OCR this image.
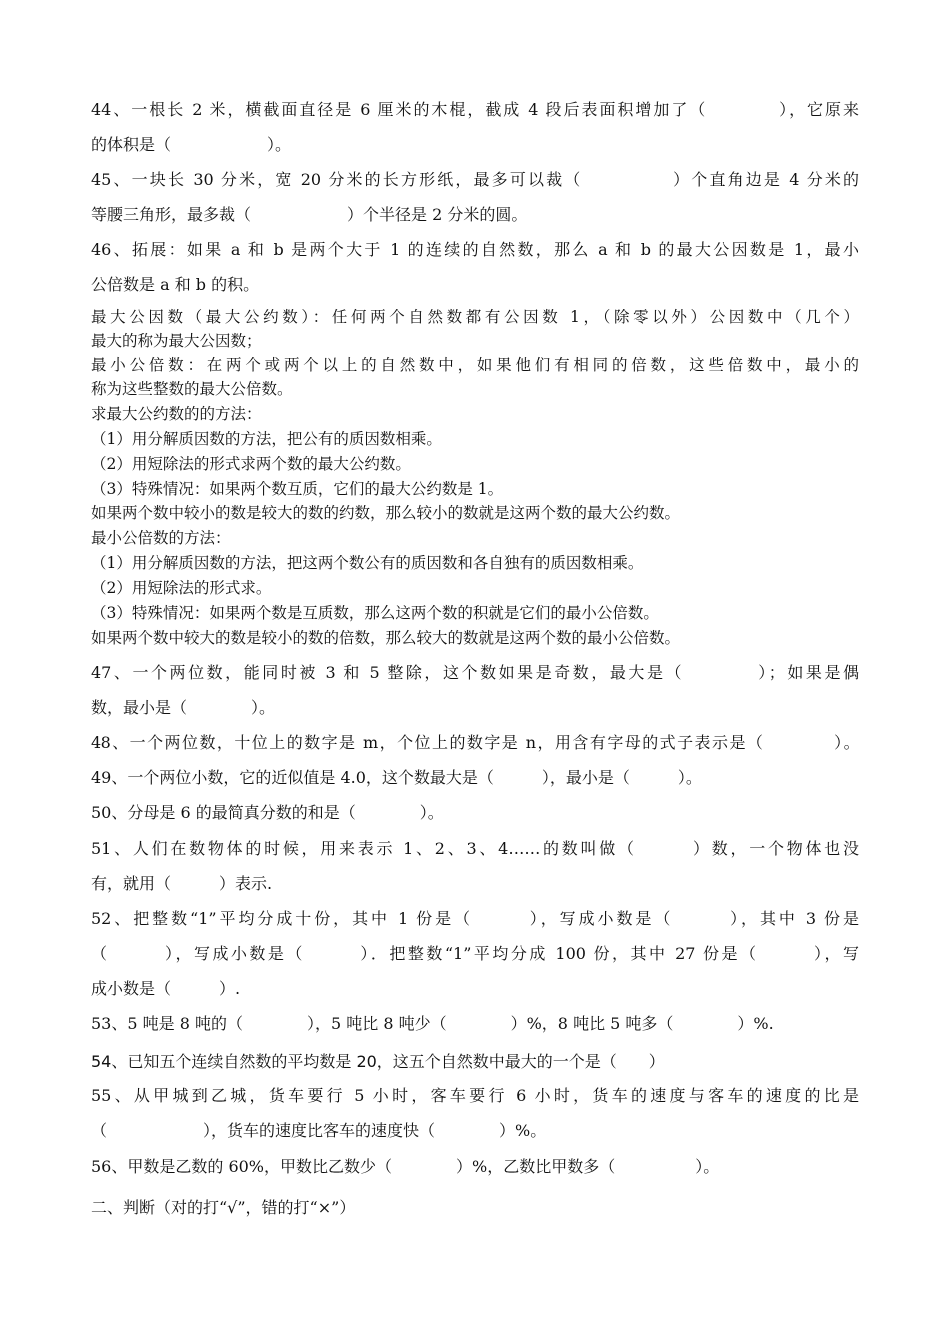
44、一根长 2 米，横截面直径是 6 厘米的木棍，截成 4 段后表面积增加了（　　　　），它原来
的体积是（　　　　　　）。
45、一块长 30 分米，宽 20 分米的长方形纸，最多可以裁（　　　　　）个直角边是 4 分米的
等腰三角形，最多裁（　　　　　　）个半径是 2 分米的圆。
46、拓展：如果 a 和 b 是两个大于 1 的连续的自然数，那么 a 和 b 的最大公因数是 1，最小
公倍数是 a 和 b 的积。
最大公因数（最大公约数）：任何两个自然数都有公因数 1，（除零以外）公因数中（几个）
最大的称为最大公因数；
最小公倍数：在两个或两个以上的自然数中，如果他们有相同的倍数，这些倍数中，最小的
称为这些整数的最大公倍数。
求最大公约数的的方法：
（1）用分解质因数的方法，把公有的质因数相乘。
（2）用短除法的形式求两个数的最大公约数。
（3）特殊情况：如果两个数互质，它们的最大公约数是 1。
如果两个数中较小的数是较大的数的约数，那么较小的数就是这两个数的最大公约数。
最小公倍数的方法：
（1）用分解质因数的方法，把这两个数公有的质因数和各自独有的质因数相乘。
（2）用短除法的形式求。
（3）特殊情况：如果两个数是互质数，那么这两个数的积就是它们的最小公倍数。
如果两个数中较大的数是较小的数的倍数，那么较大的数就是这两个数的最小公倍数。
47、一个两位数，能同时被 3 和 5 整除，这个数如果是奇数，最大是（　　　　）；如果是偶
数，最小是（　　　　）。
48、一个两位数，十位上的数字是 m，个位上的数字是 n，用含有字母的式子表示是（　　　　）。
49、一个两位小数，它的近似值是 4.0，这个数最大是（　　　），最小是（　　　）。
50、分母是 6 的最简真分数的和是（　　　　）。
51、人们在数物体的时候，用来表示 1、2、3、4……的数叫做（　　　）数，一个物体也没
有，就用（　　　）表示.
52、把整数“1”平均分成十份，其中 1 份是（　　　），写成小数是（　　　），其中 3 份是
（　　　），写成小数是（　　　）．把整数“1”平均分成 100 份，其中 27 份是（　　　），写
成小数是（　　　）.
53、5 吨是 8 吨的（　　　　），5 吨比 8 吨少（　　　　）%，8 吨比 5 吨多（　　　　）%.
54、已知五个连续自然数的平均数是 20，这五个自然数中最大的一个是（　　）
55、从甲城到乙城，货车要行 5 小时，客车要行 6 小时，货车的速度与客车的速度的比是
（　　　　　　），货车的速度比客车的速度快（　　　　）%。
56、甲数是乙数的 60%，甲数比乙数少（　　　　）%，乙数比甲数多（　　　　　）。
二、判断（对的打“√”，错的打“×”）
